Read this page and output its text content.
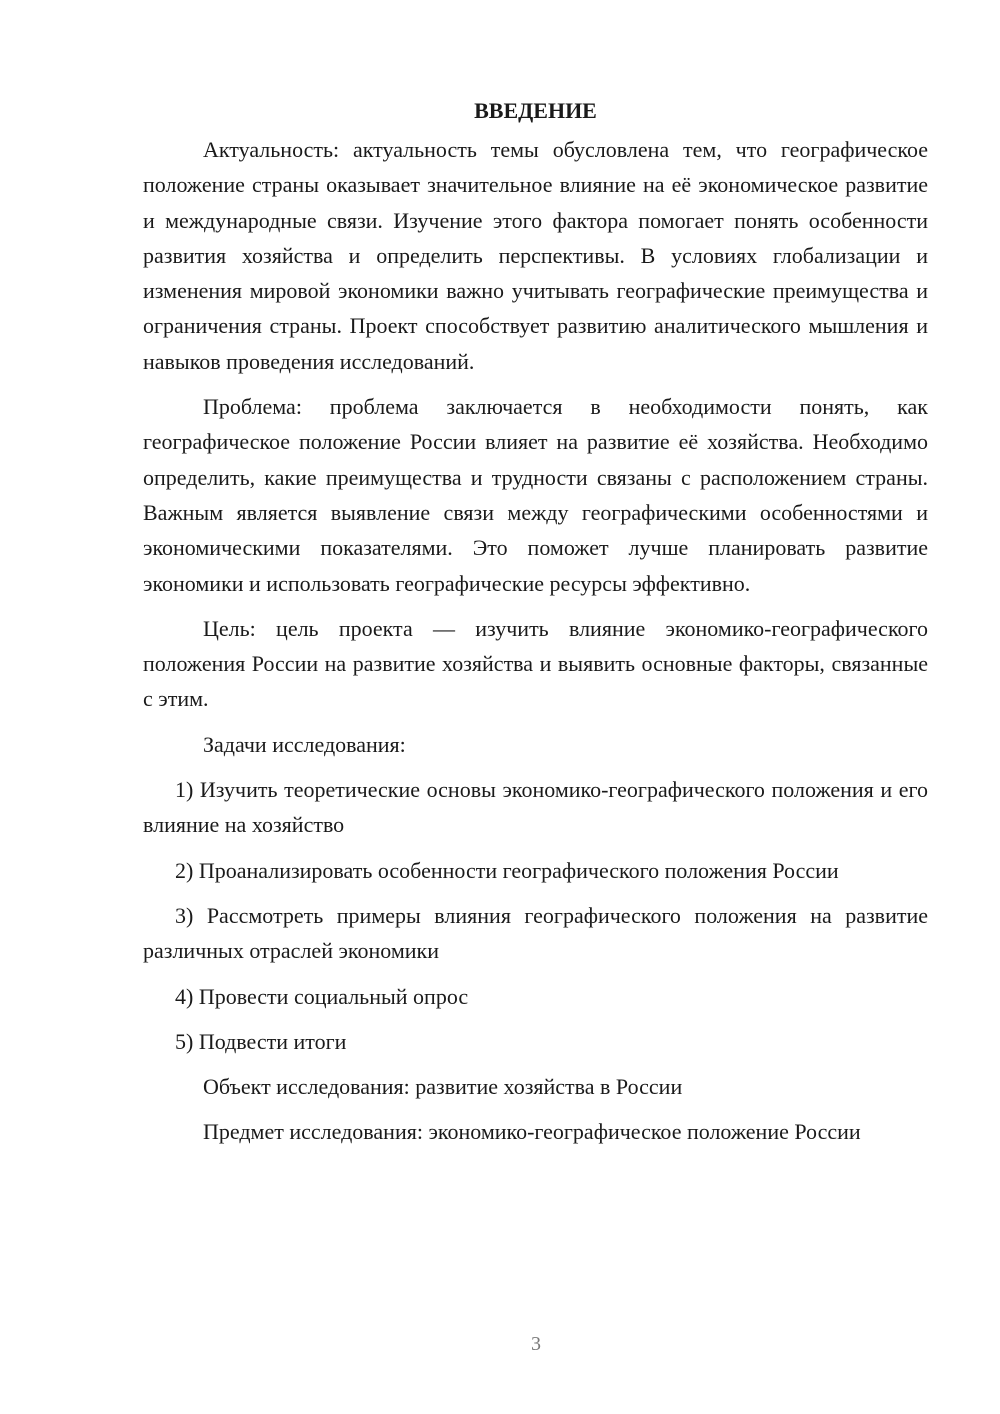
ВВЕДЕНИЕ

Актуальность: актуальность темы обусловлена тем, что географическое положение страны оказывает значительное влияние на её экономическое развитие и международные связи. Изучение этого фактора помогает понять особенности развития хозяйства и определить перспективы. В условиях глобализации и изменения мировой экономики важно учитывать географические преимущества и ограничения страны. Проект способствует развитию аналитического мышления и навыков проведения исследований.

Проблема: проблема заключается в необходимости понять, как географическое положение России влияет на развитие её хозяйства. Необходимо определить, какие преимущества и трудности связаны с расположением страны. Важным является выявление связи между географическими особенностями и экономическими показателями. Это поможет лучше планировать развитие экономики и использовать географические ресурсы эффективно.

Цель: цель проекта — изучить влияние экономико-географического положения России на развитие хозяйства и выявить основные факторы, связанные с этим.

Задачи исследования:

1) Изучить теоретические основы экономико-географического положения и его влияние на хозяйство

2) Проанализировать особенности географического положения России

3) Рассмотреть примеры влияния географического положения на развитие различных отраслей экономики

4) Провести социальный опрос

5) Подвести итоги

Объект исследования: развитие хозяйства в России

Предмет исследования: экономико-географическое положение России

3
